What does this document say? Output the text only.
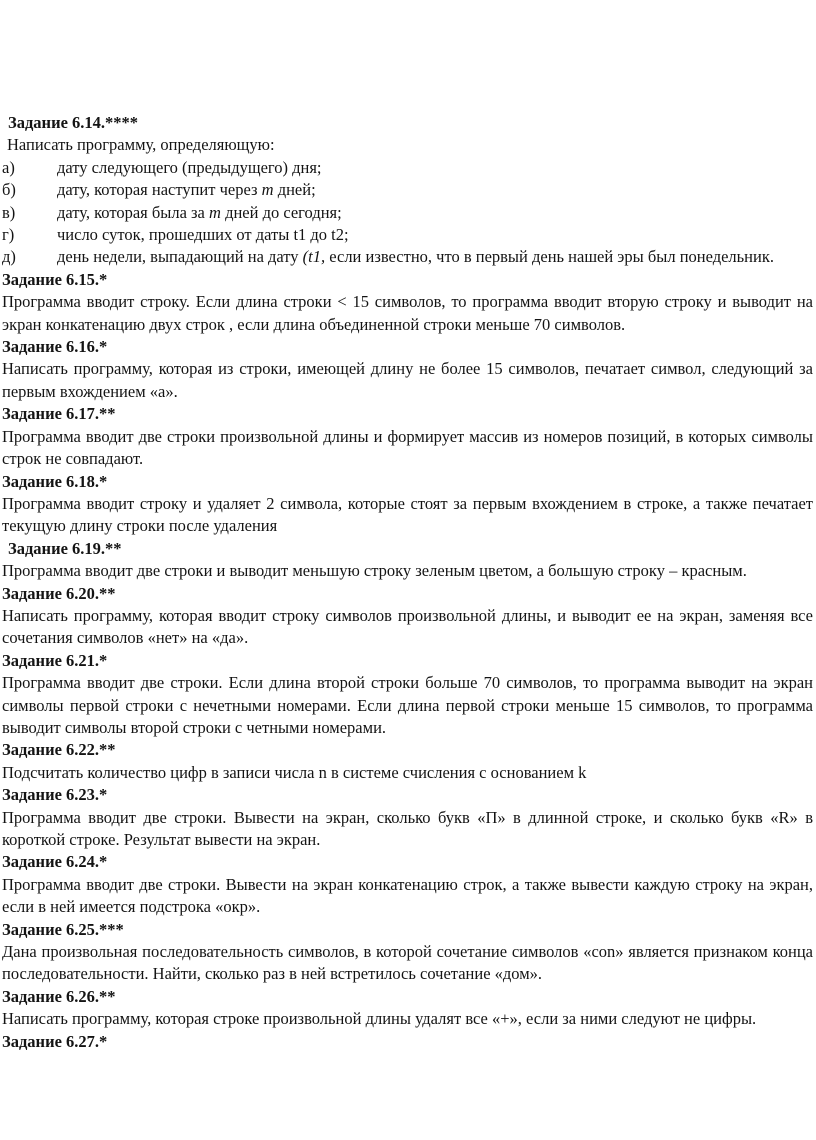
Задание 6.14.****

Написать программу, определяющую:

а)	дату следующего (предыдущего) дня;

б) дату, которая наступит через m дней;

в)	дату, которая была за m дней до сегодня;

г)	число суток, прошедших от даты t1 до t2;

д) день недели, выпадающий на дату (t1, если известно, что в первый день нашей эры был понедельник.

Задание 6.15.*

Программа вводит строку. Если длина строки < 15 символов, то программа вводит вторую строку и выводит на экран конкатенацию двух строк , если длина объединенной строки меньше 70 символов.

Задание 6.16.*

Написать программу, которая из строки, имеющей длину не более 15 символов, печатает символ, следующий за первым вхождением «а».

Задание 6.17.**

Программа вводит две строки произвольной длины и формирует массив из номеров позиций, в которых символы строк не совпадают.

Задание 6.18.*

Программа вводит строку и удаляет 2 символа, которые стоят за первым вхождением в строке, а также печатает текущую длину строки после удаления

Задание 6.19.**

Программа вводит две строки и выводит меньшую строку зеленым цветом, а большую строку – красным.

Задание 6.20.**

Написать программу, которая вводит строку символов произвольной длины, и выводит ее на экран, заменяя все сочетания символов «нет» на «да».

Задание 6.21.*

Программа вводит две строки. Если длина второй строки больше 70 символов, то программа выводит на экран символы первой строки с нечетными номерами. Если длина первой строки меньше 15 символов, то программа выводит символы второй строки с четными номерами.

Задание 6.22.**

Подсчитать количество цифр в записи числа n в системе счисления с основанием k

Задание 6.23.*

Программа вводит две строки. Вывести на экран, сколько букв «П» в длинной строке, и сколько букв «R» в короткой строке. Результат вывести на экран.

Задание 6.24.*

Программа вводит две строки. Вывести на экран конкатенацию строк, а также вывести каждую строку на экран, если в ней имеется подстрока «окр».

Задание 6.25.***

Дана произвольная последовательность символов, в которой сочетание символов «con» является признаком конца последовательности. Найти, сколько раз в ней встретилось сочетание «дом».

Задание 6.26.**

Написать программу, которая строке произвольной длины удалят все «+», если за ними следуют не цифры.

Задание 6.27.*
